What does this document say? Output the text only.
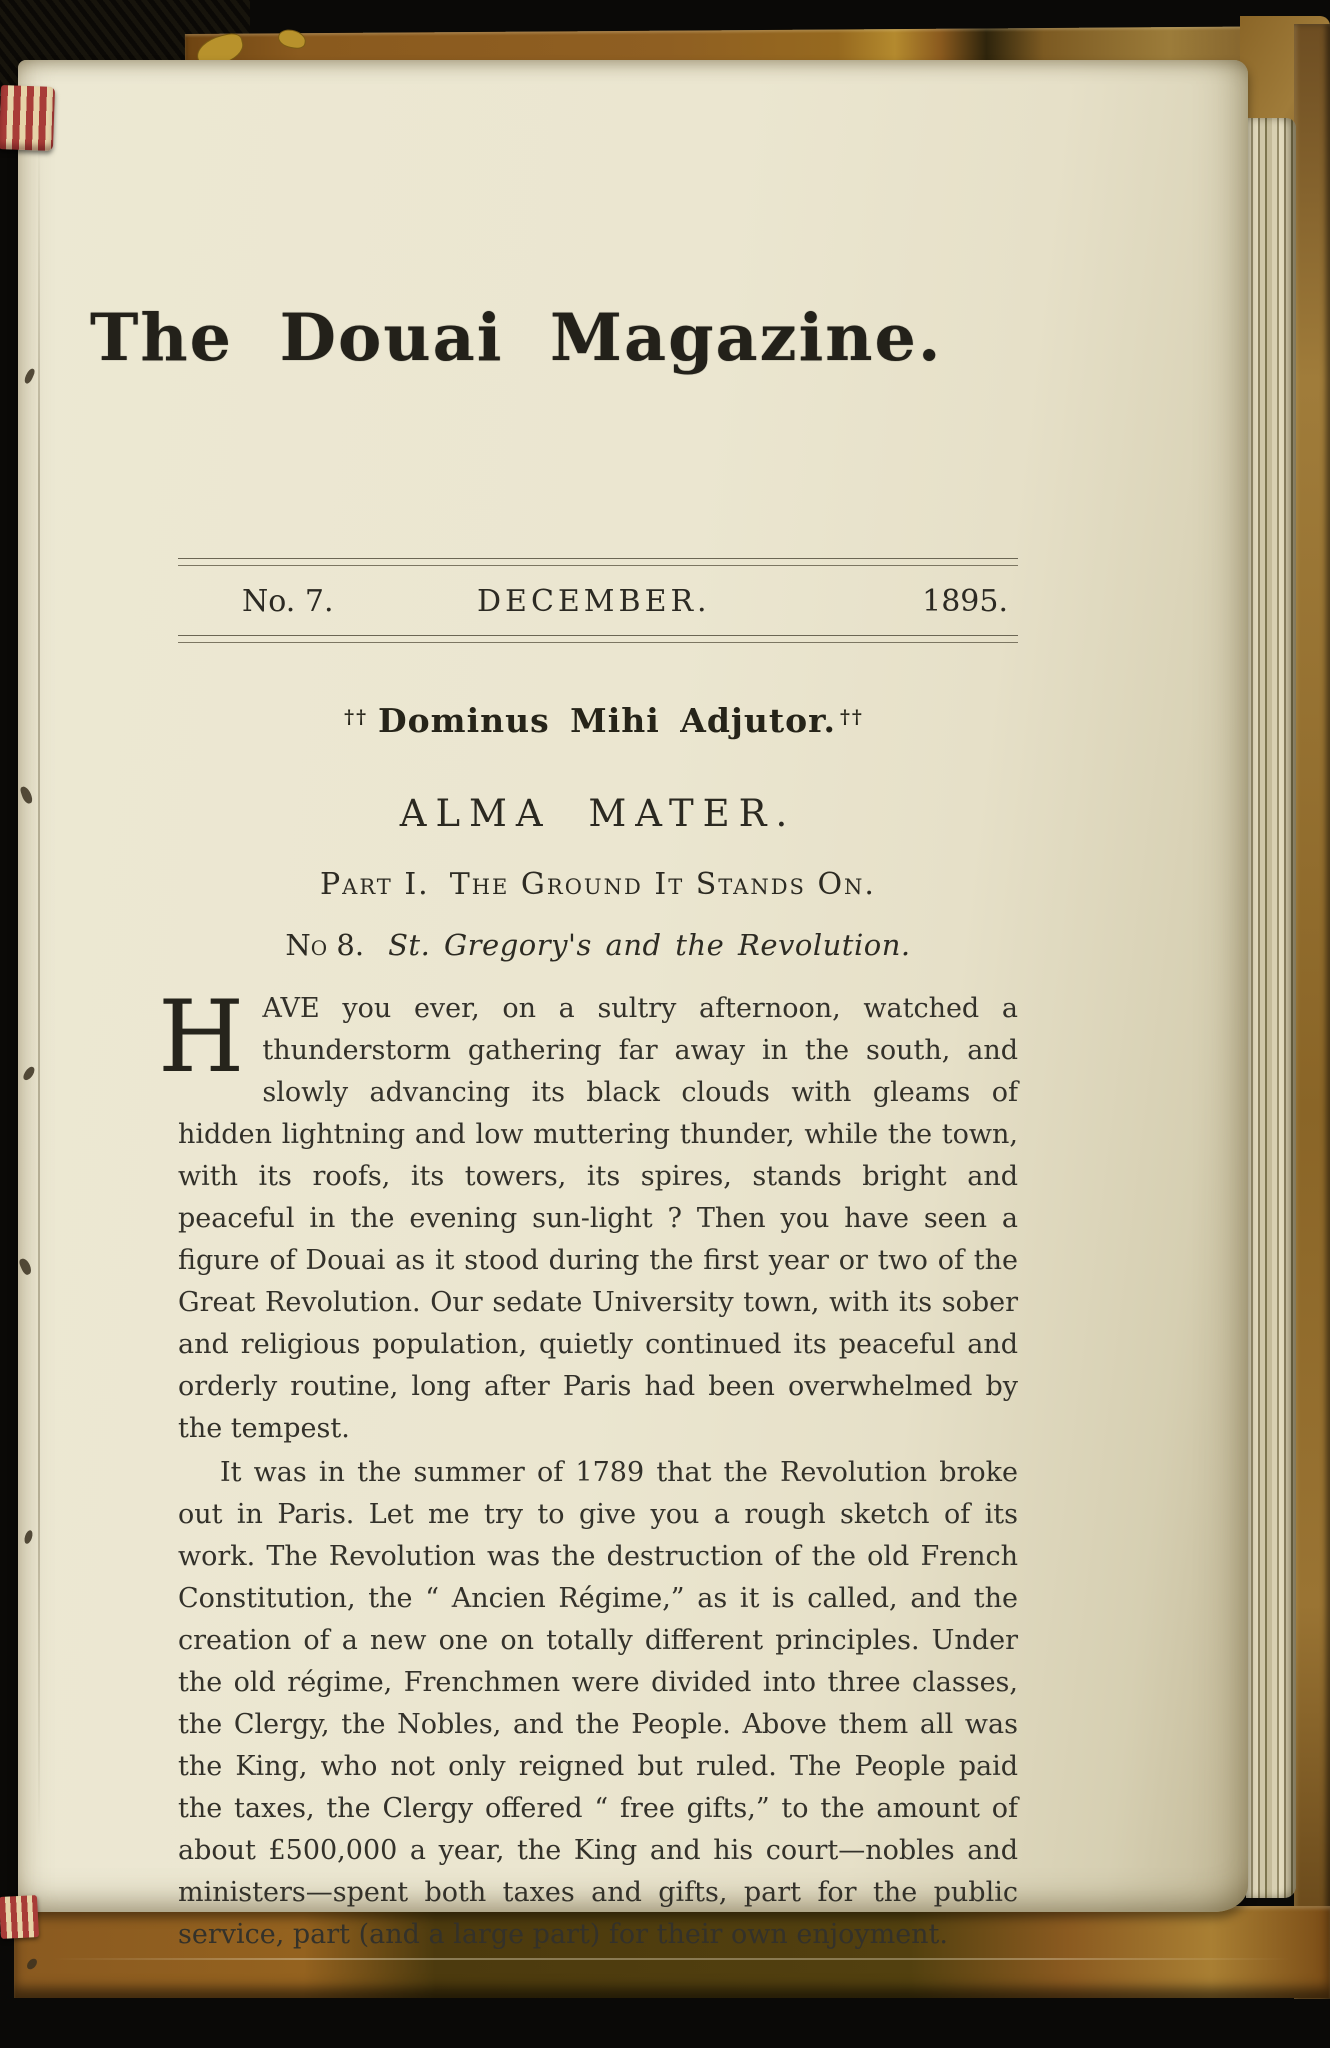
The Douai Magazine.
No. 7.	DECEMBER.	1895.
†† Dominus Mihi Adjutor. ††
ALMA MATER.
Part I. The Ground It Stands On.
No 8. St. Gregory's and the Revolution.

HAVE you ever, on a sultry afternoon, watched a thunderstorm gathering far away in the south, and slowly advancing its black clouds with gleams of hidden lightning and low muttering thunder, while the town, with its roofs, its towers, its spires, stands bright and peaceful in the evening sun-light ? Then you have seen a figure of Douai as it stood during the first year or two of the Great Revolution. Our sedate University town, with its sober and religious population, quietly continued its peaceful and orderly routine, long after Paris had been overwhelmed by the tempest.

It was in the summer of 1789 that the Revolution broke out in Paris. Let me try to give you a rough sketch of its work. The Revolution was the destruction of the old French Constitution, the “ Ancien Régime,” as it is called, and the creation of a new one on totally different principles. Under the old régime, Frenchmen were divided into three classes, the Clergy, the Nobles, and the People. Above them all was the King, who not only reigned but ruled. The People paid the taxes, the Clergy offered “ free gifts,” to the amount of about £500,000 a year, the King and his court—nobles and ministers—spent both taxes and gifts, part for the public service, part (and a large part) for their own enjoyment.
